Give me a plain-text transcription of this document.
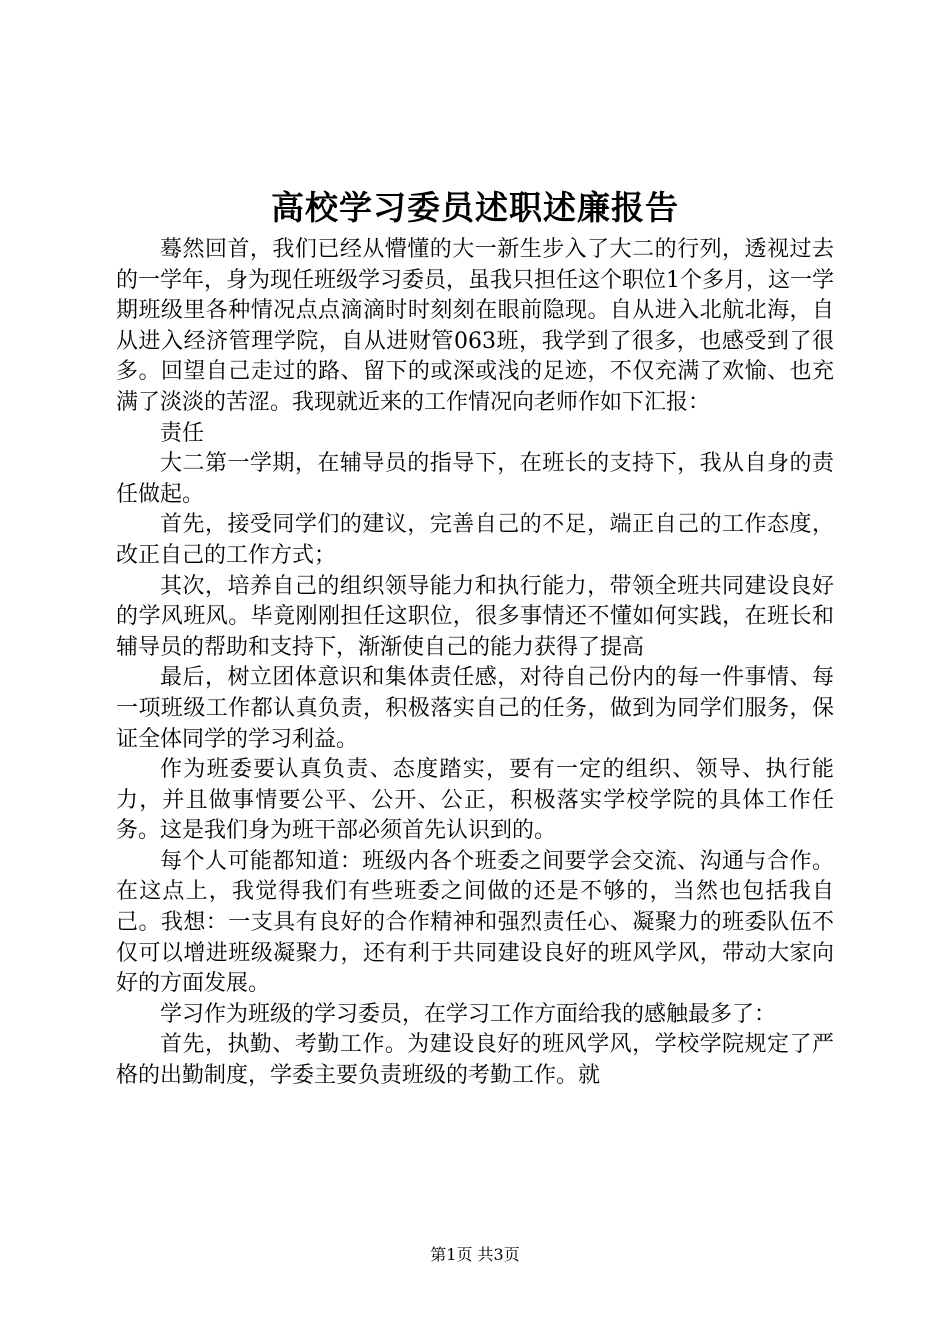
高校学习委员述职述廉报告

蓦然回首，我们已经从懵懂的大一新生步入了大二的行列，透视过去的一学年，身为现任班级学习委员，虽我只担任这个职位1个多月，这一学期班级里各种情况点点滴滴时时刻刻在眼前隐现。自从进入北航北海，自从进入经济管理学院，自从进财管063班，我学到了很多，也感受到了很多。回望自己走过的路、留下的或深或浅的足迹，不仅充满了欢愉、也充满了淡淡的苦涩。我现就近来的工作情况向老师作如下汇报：

责任

大二第一学期，在辅导员的指导下，在班长的支持下，我从自身的责任做起。

首先，接受同学们的建议，完善自己的不足，端正自己的工作态度，改正自己的工作方式；

其次，培养自己的组织领导能力和执行能力，带领全班共同建设良好的学风班风。毕竟刚刚担任这职位，很多事情还不懂如何实践，在班长和辅导员的帮助和支持下，渐渐使自己的能力获得了提高

最后，树立团体意识和集体责任感，对待自己份内的每一件事情、每一项班级工作都认真负责，积极落实自己的任务，做到为同学们服务，保证全体同学的学习利益。

作为班委要认真负责、态度踏实，要有一定的组织、领导、执行能力，并且做事情要公平、公开、公正，积极落实学校学院的具体工作任务。这是我们身为班干部必须首先认识到的。

每个人可能都知道：班级内各个班委之间要学会交流、沟通与合作。在这点上，我觉得我们有些班委之间做的还是不够的，当然也包括我自己。我想：一支具有良好的合作精神和强烈责任心、凝聚力的班委队伍不仅可以增进班级凝聚力，还有利于共同建设良好的班风学风，带动大家向好的方面发展。

学习作为班级的学习委员，在学习工作方面给我的感触最多了：

首先，执勤、考勤工作。为建设良好的班风学风，学校学院规定了严格的出勤制度，学委主要负责班级的考勤工作。就

第1页 共3页
